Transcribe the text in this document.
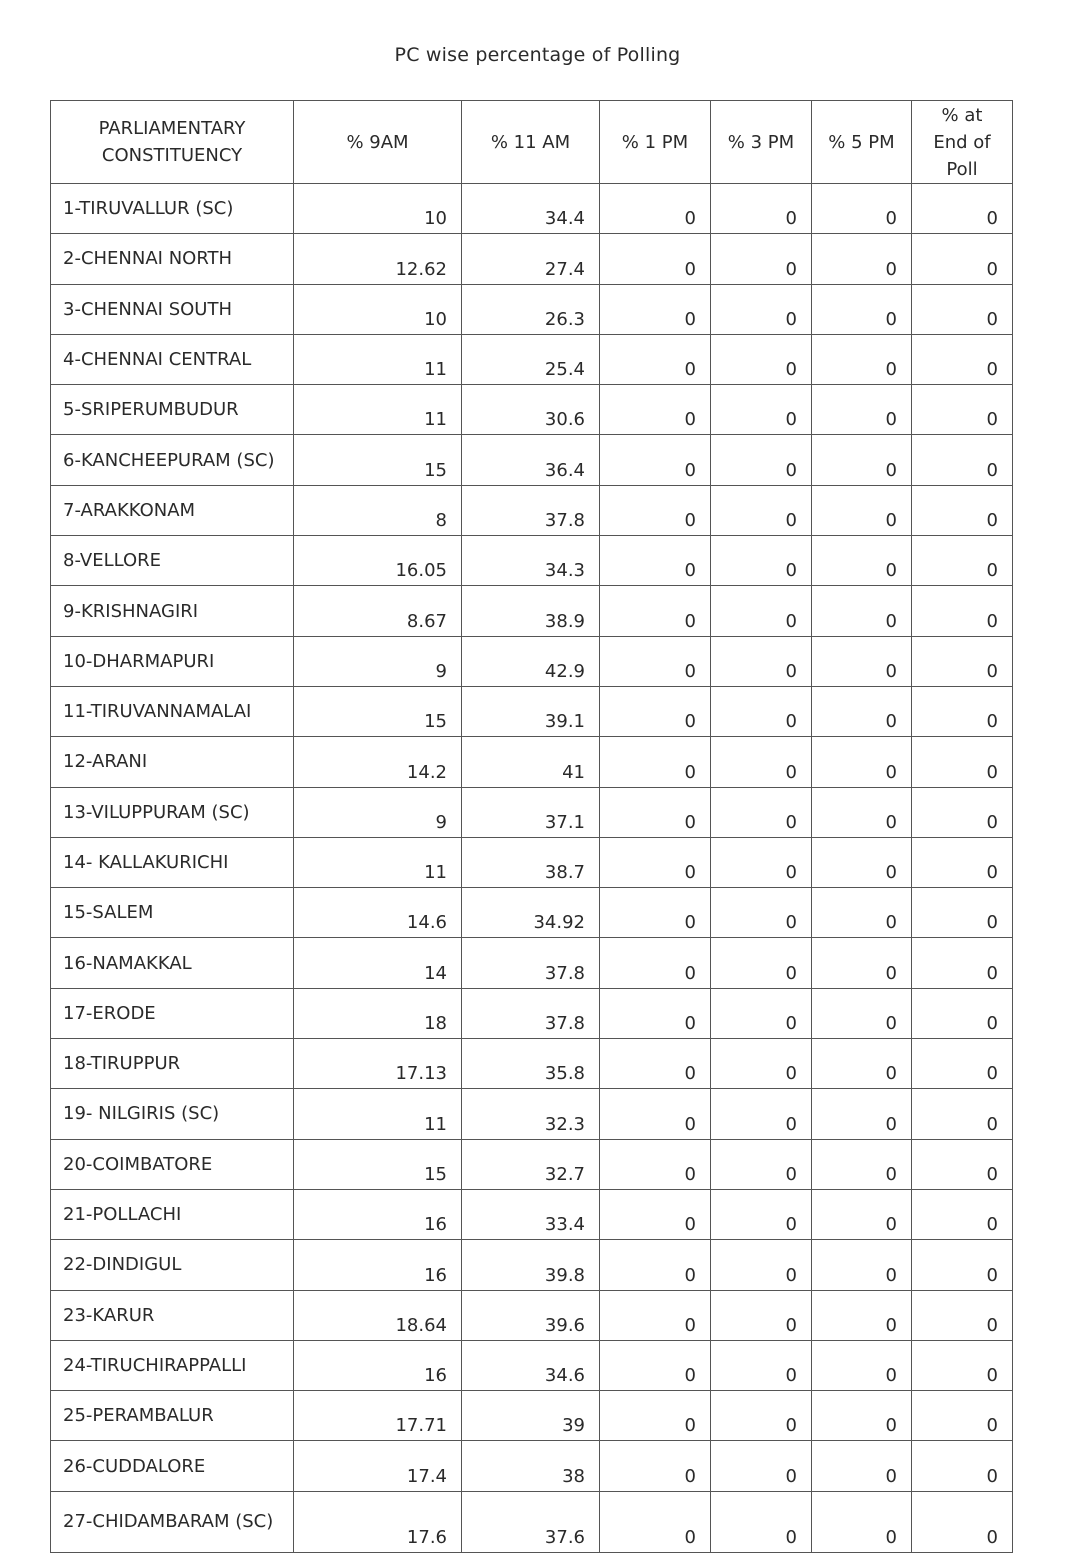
PC wise percentage of Polling
PARLIAMENTARY CONSTITUENCY	% 9AM	% 11 AM	% 1 PM	% 3 PM	% 5 PM	% at End of Poll
1-TIRUVALLUR (SC)	10	34.4	0	0	0	0
2-CHENNAI NORTH	12.62	27.4	0	0	0	0
3-CHENNAI SOUTH	10	26.3	0	0	0	0
4-CHENNAI CENTRAL	11	25.4	0	0	0	0
5-SRIPERUMBUDUR	11	30.6	0	0	0	0
6-KANCHEEPURAM (SC)	15	36.4	0	0	0	0
7-ARAKKONAM	8	37.8	0	0	0	0
8-VELLORE	16.05	34.3	0	0	0	0
9-KRISHNAGIRI	8.67	38.9	0	0	0	0
10-DHARMAPURI	9	42.9	0	0	0	0
11-TIRUVANNAMALAI	15	39.1	0	0	0	0
12-ARANI	14.2	41	0	0	0	0
13-VILUPPURAM (SC)	9	37.1	0	0	0	0
14- KALLAKURICHI	11	38.7	0	0	0	0
15-SALEM	14.6	34.92	0	0	0	0
16-NAMAKKAL	14	37.8	0	0	0	0
17-ERODE	18	37.8	0	0	0	0
18-TIRUPPUR	17.13	35.8	0	0	0	0
19- NILGIRIS (SC)	11	32.3	0	0	0	0
20-COIMBATORE	15	32.7	0	0	0	0
21-POLLACHI	16	33.4	0	0	0	0
22-DINDIGUL	16	39.8	0	0	0	0
23-KARUR	18.64	39.6	0	0	0	0
24-TIRUCHIRAPPALLI	16	34.6	0	0	0	0
25-PERAMBALUR	17.71	39	0	0	0	0
26-CUDDALORE	17.4	38	0	0	0	0
27-CHIDAMBARAM (SC)	17.6	37.6	0	0	0	0
